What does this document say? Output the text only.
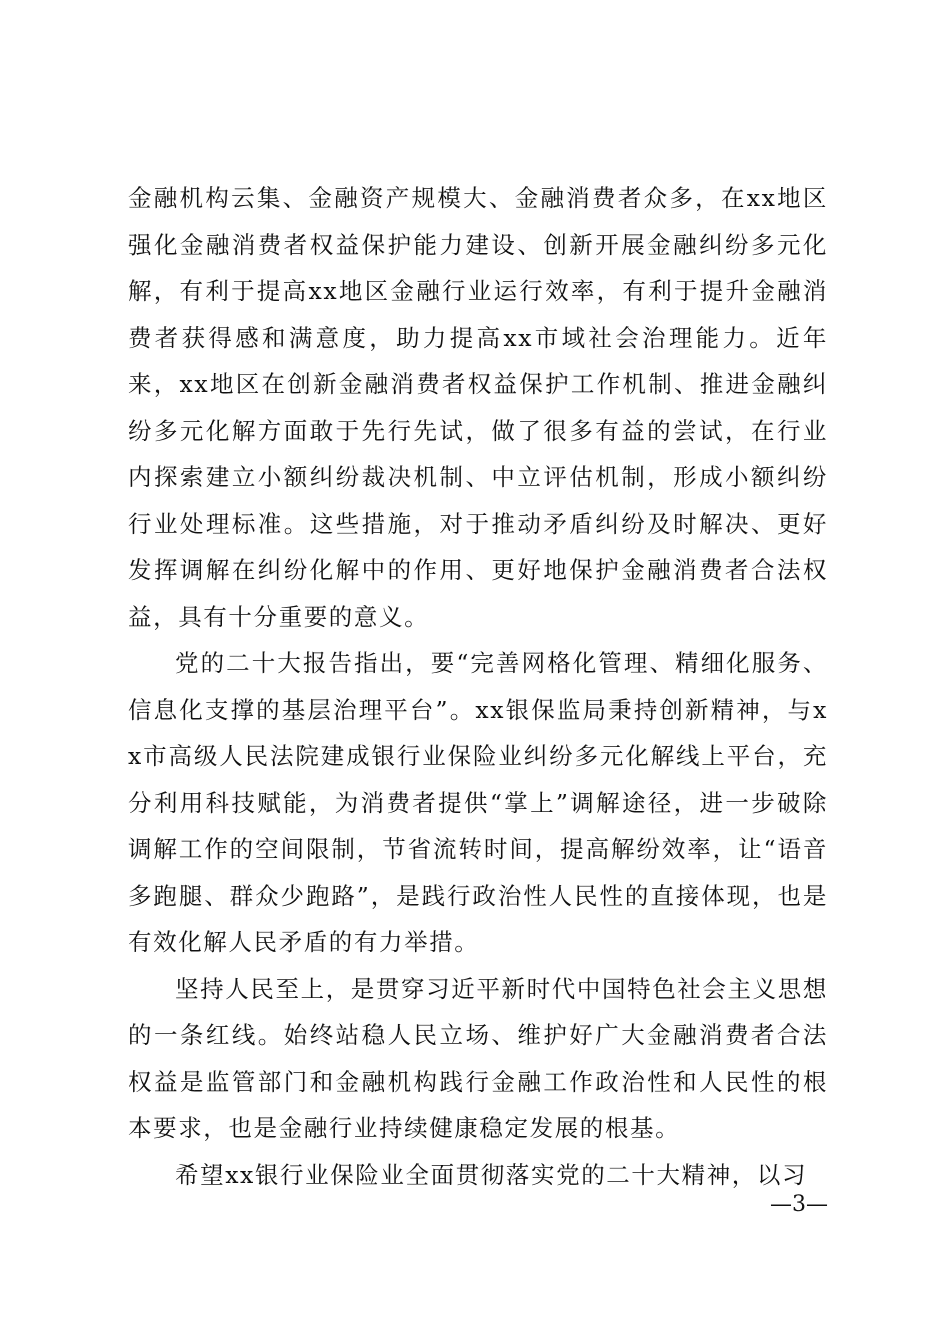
金融机构云集、金融资产规模大、金融消费者众多，在xx地区强化金融消费者权益保护能力建设、创新开展金融纠纷多元化解，有利于提高xx地区金融行业运行效率，有利于提升金融消费者获得感和满意度，助力提高xx市域社会治理能力。近年来，xx地区在创新金融消费者权益保护工作机制、推进金融纠纷多元化解方面敢于先行先试，做了很多有益的尝试，在行业内探索建立小额纠纷裁决机制、中立评估机制，形成小额纠纷行业处理标准。这些措施，对于推动矛盾纠纷及时解决、更好发挥调解在纠纷化解中的作用、更好地保护金融消费者合法权益，具有十分重要的意义。

党的二十大报告指出，要“完善网格化管理、精细化服务、信息化支撑的基层治理平台”。xx银保监局秉持创新精神，与xx市高级人民法院建成银行业保险业纠纷多元化解线上平台，充分利用科技赋能，为消费者提供“掌上”调解途径，进一步破除调解工作的空间限制，节省流转时间，提高解纷效率，让“语音多跑腿、群众少跑路”，是践行政治性人民性的直接体现，也是有效化解人民矛盾的有力举措。

坚持人民至上，是贯穿习近平新时代中国特色社会主义思想的一条红线。始终站稳人民立场、维护好广大金融消费者合法权益是监管部门和金融机构践行金融工作政治性和人民性的根本要求，也是金融行业持续健康稳定发展的根基。

希望xx银行业保险业全面贯彻落实党的二十大精神，以习

—3—
